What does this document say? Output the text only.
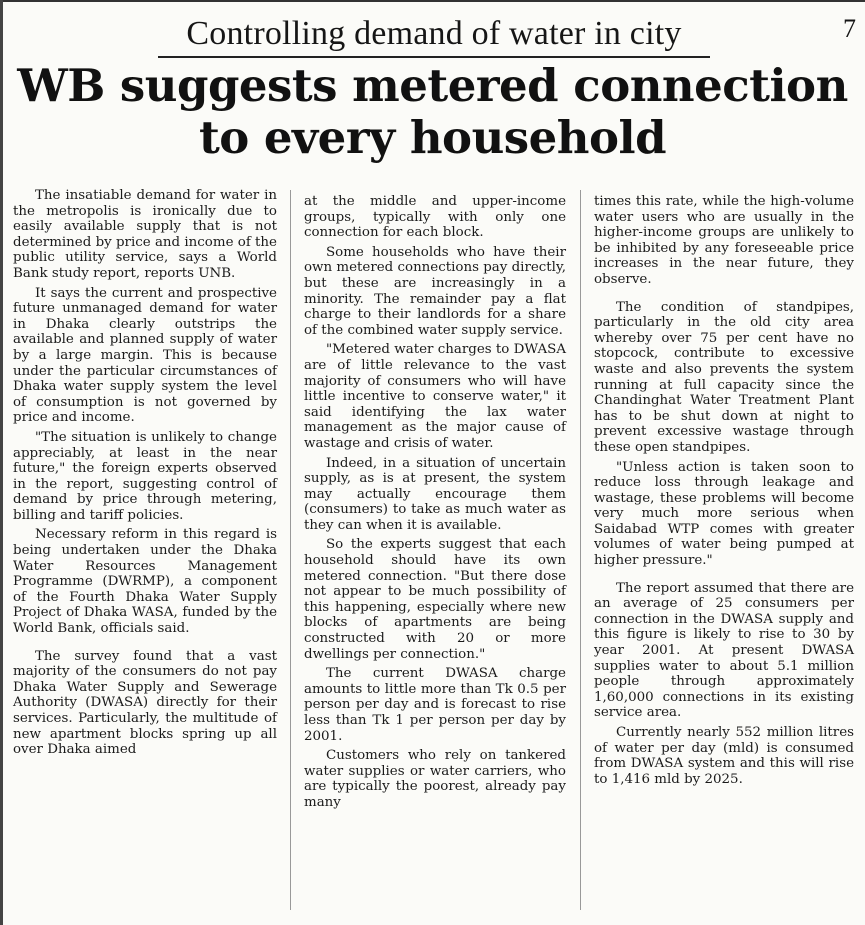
Controlling demand of water in city	7
WB suggests metered connection
to every household

The insatiable demand for water in the metropolis is ironically due to easily available supply that is not determined by price and income of the public utility service, says a World Bank study report, reports UNB.

It says the current and prospective future unmanaged demand for water in Dhaka clearly outstrips the available and planned supply of water by a large margin. This is because under the particular circumstances of Dhaka water supply system the level of consumption is not governed by price and income.

"The situation is unlikely to change appreciably, at least in the near future," the foreign experts observed in the report, suggesting control of demand by price through metering, billing and tariff policies.

Necessary reform in this regard is being undertaken under the Dhaka Water Resources Management Programme (DWRMP), a component of the Fourth Dhaka Water Supply Project of Dhaka WASA, funded by the World Bank, officials said.

The survey found that a vast majority of the consumers do not pay Dhaka Water Supply and Sewerage Authority (DWASA) directly for their services. Particularly, the multitude of new apartment blocks spring up all over Dhaka aimed

at the middle and upper-income groups, typically with only one connection for each block.

Some households who have their own metered connections pay directly, but these are increasingly in a minority. The remainder pay a flat charge to their landlords for a share of the combined water supply service.

"Metered water charges to DWASA are of little relevance to the vast majority of consumers who will have little incentive to conserve water," it said identifying the lax water management as the major cause of wastage and crisis of water.

Indeed, in a situation of uncertain supply, as is at present, the system may actually encourage them (consumers) to take as much water as they can when it is available.

So the experts suggest that each household should have its own metered connection. "But there dose not appear to be much possibility of this happening, especially where new blocks of apartments are being constructed with 20 or more dwellings per connection."

The current DWASA charge amounts to little more than Tk 0.5 per person per day and is forecast to rise less than Tk 1 per person per day by 2001.

Customers who rely on tankered water supplies or water carriers, who are typically the poorest, already pay many

times this rate, while the high-volume water users who are usually in the higher-income groups are unlikely to be inhibited by any foreseeable price increases in the near future, they observe.

The condition of standpipes, particularly in the old city area whereby over 75 per cent have no stopcock, contribute to excessive waste and also prevents the system running at full capacity since the Chandinghat Water Treatment Plant has to be shut down at night to prevent excessive wastage through these open standpipes.

"Unless action is taken soon to reduce loss through leakage and wastage, these problems will become very much more serious when Saidabad WTP comes with greater volumes of water being pumped at higher pressure."

The report assumed that there are an average of 25 consumers per connection in the DWASA supply and this figure is likely to rise to 30 by year 2001. At present DWASA supplies water to about 5.1 million people through approximately 1,60,000 connections in its existing service area.

Currently nearly 552 million litres of water per day (mld) is consumed from DWASA system and this will rise to 1,416 mld by 2025.
